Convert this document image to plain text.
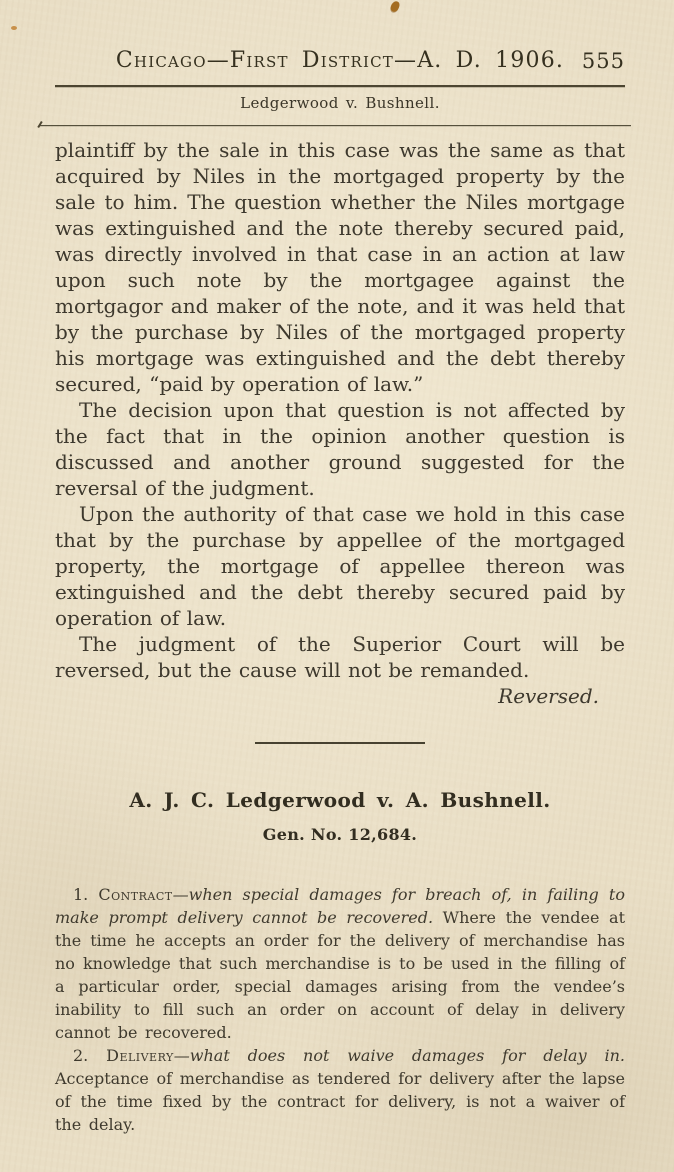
Chicago—First District—A. D. 1906. 555
Ledgerwood v. Bushnell.

plaintiff by the sale in this case was the same as that acquired by Niles in the mortgaged property by the sale to him. The question whether the Niles mortgage was extinguished and the note thereby secured paid, was directly involved in that case in an action at law upon such note by the mortgagee against the mortgagor and maker of the note, and it was held that by the purchase by Niles of the mortgaged property his mortgage was extinguished and the debt thereby secured, “paid by operation of law.”

The decision upon that question is not affected by the fact that in the opinion another question is discussed and another ground suggested for the reversal of the judgment.

Upon the authority of that case we hold in this case that by the purchase by appellee of the mortgaged property, the mortgage of appellee thereon was extinguished and the debt thereby secured paid by operation of law.

The judgment of the Superior Court will be reversed, but the cause will not be remanded.

Reversed.

A. J. C. Ledgerwood v. A. Bushnell.
Gen. No. 12,684.

1. Contract—when special damages for breach of, in failing to make prompt delivery cannot be recovered. Where the vendee at the time he accepts an order for the delivery of merchandise has no knowledge that such merchandise is to be used in the filling of a particular order, special damages arising from the vendee’s inability to fill such an order on account of delay in delivery cannot be recovered.

2. Delivery—what does not waive damages for delay in. Acceptance of merchandise as tendered for delivery after the lapse of the time fixed by the contract for delivery, is not a waiver of the delay.
